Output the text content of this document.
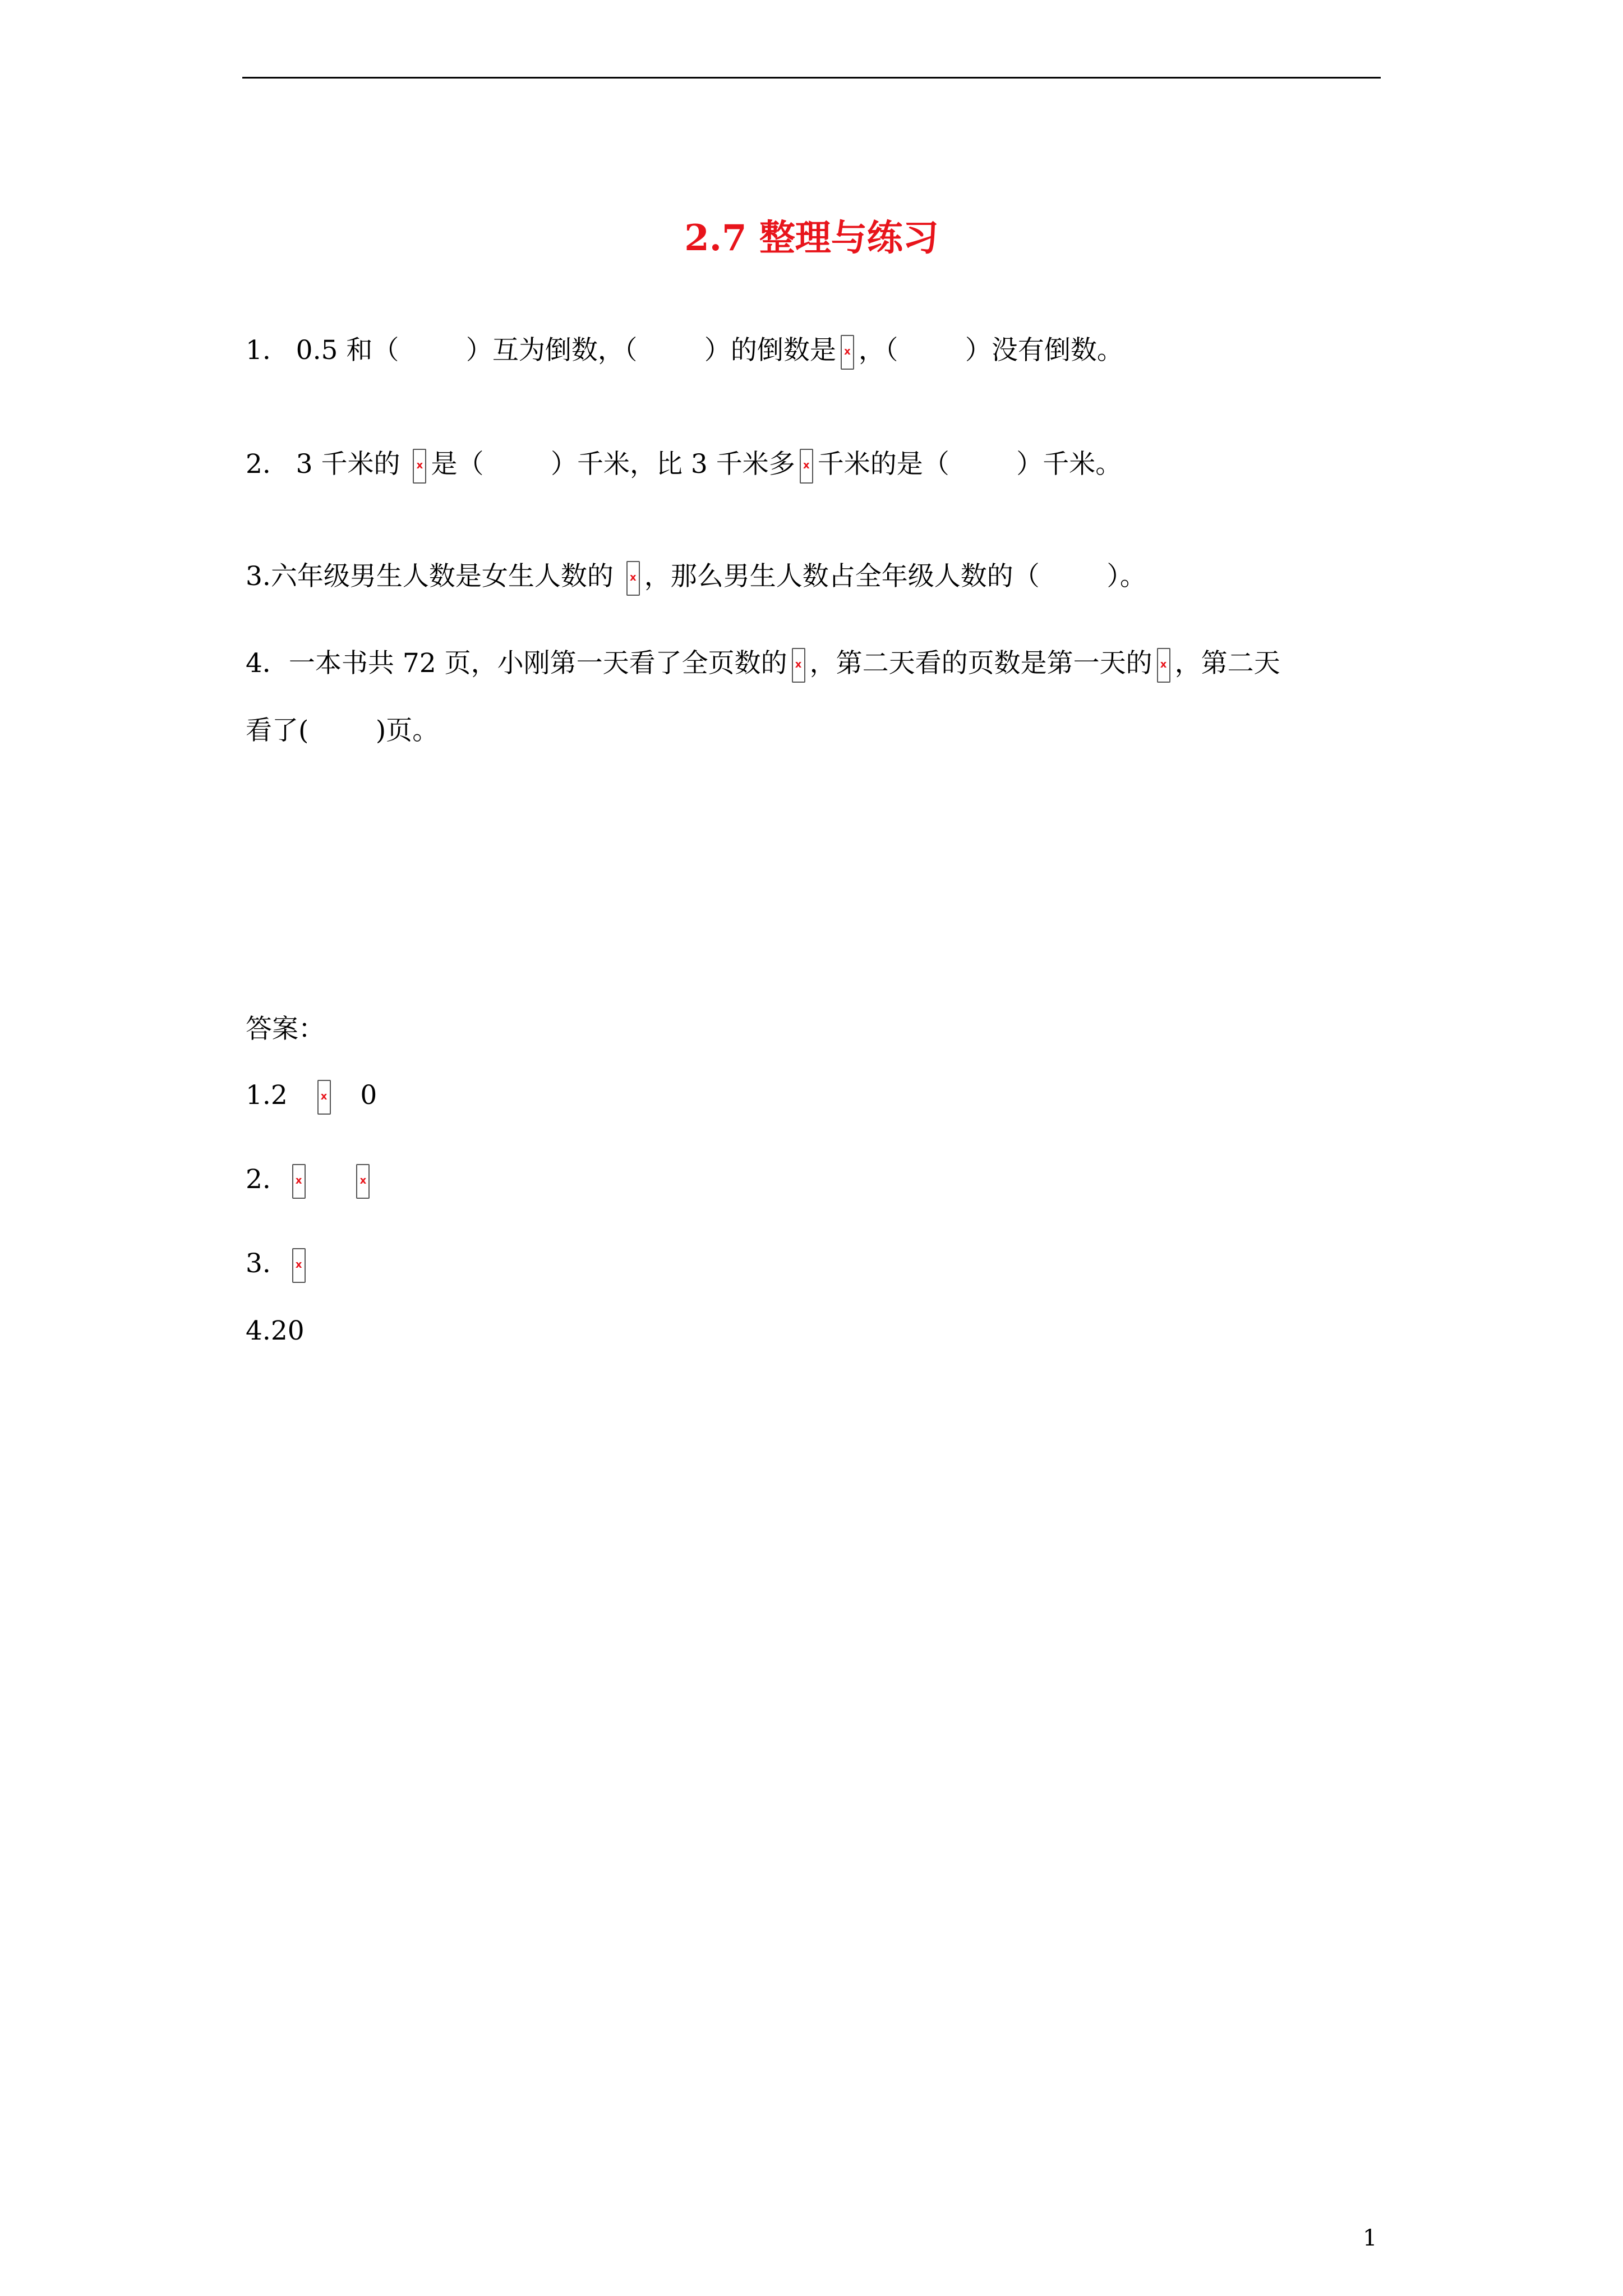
2.7 整理与练习
1.   0.5 和（        ）互为倒数，（        ）的倒数是 x ，（        ）没有倒数。
2.   3 千米的 x 是（        ）千米，比 3 千米多 x 千米的是（        ）千米。
3.六年级男生人数是女生人数的 x ，那么男生人数占全年级人数的（        ）。
4．一本书共 72 页，小刚第一天看了全页数的 x ，第二天看的页数是第一天的 x ，第二天
看了(        )页。
答案：
1.2 x 0
2. x
	x
3. x
4.20
1
